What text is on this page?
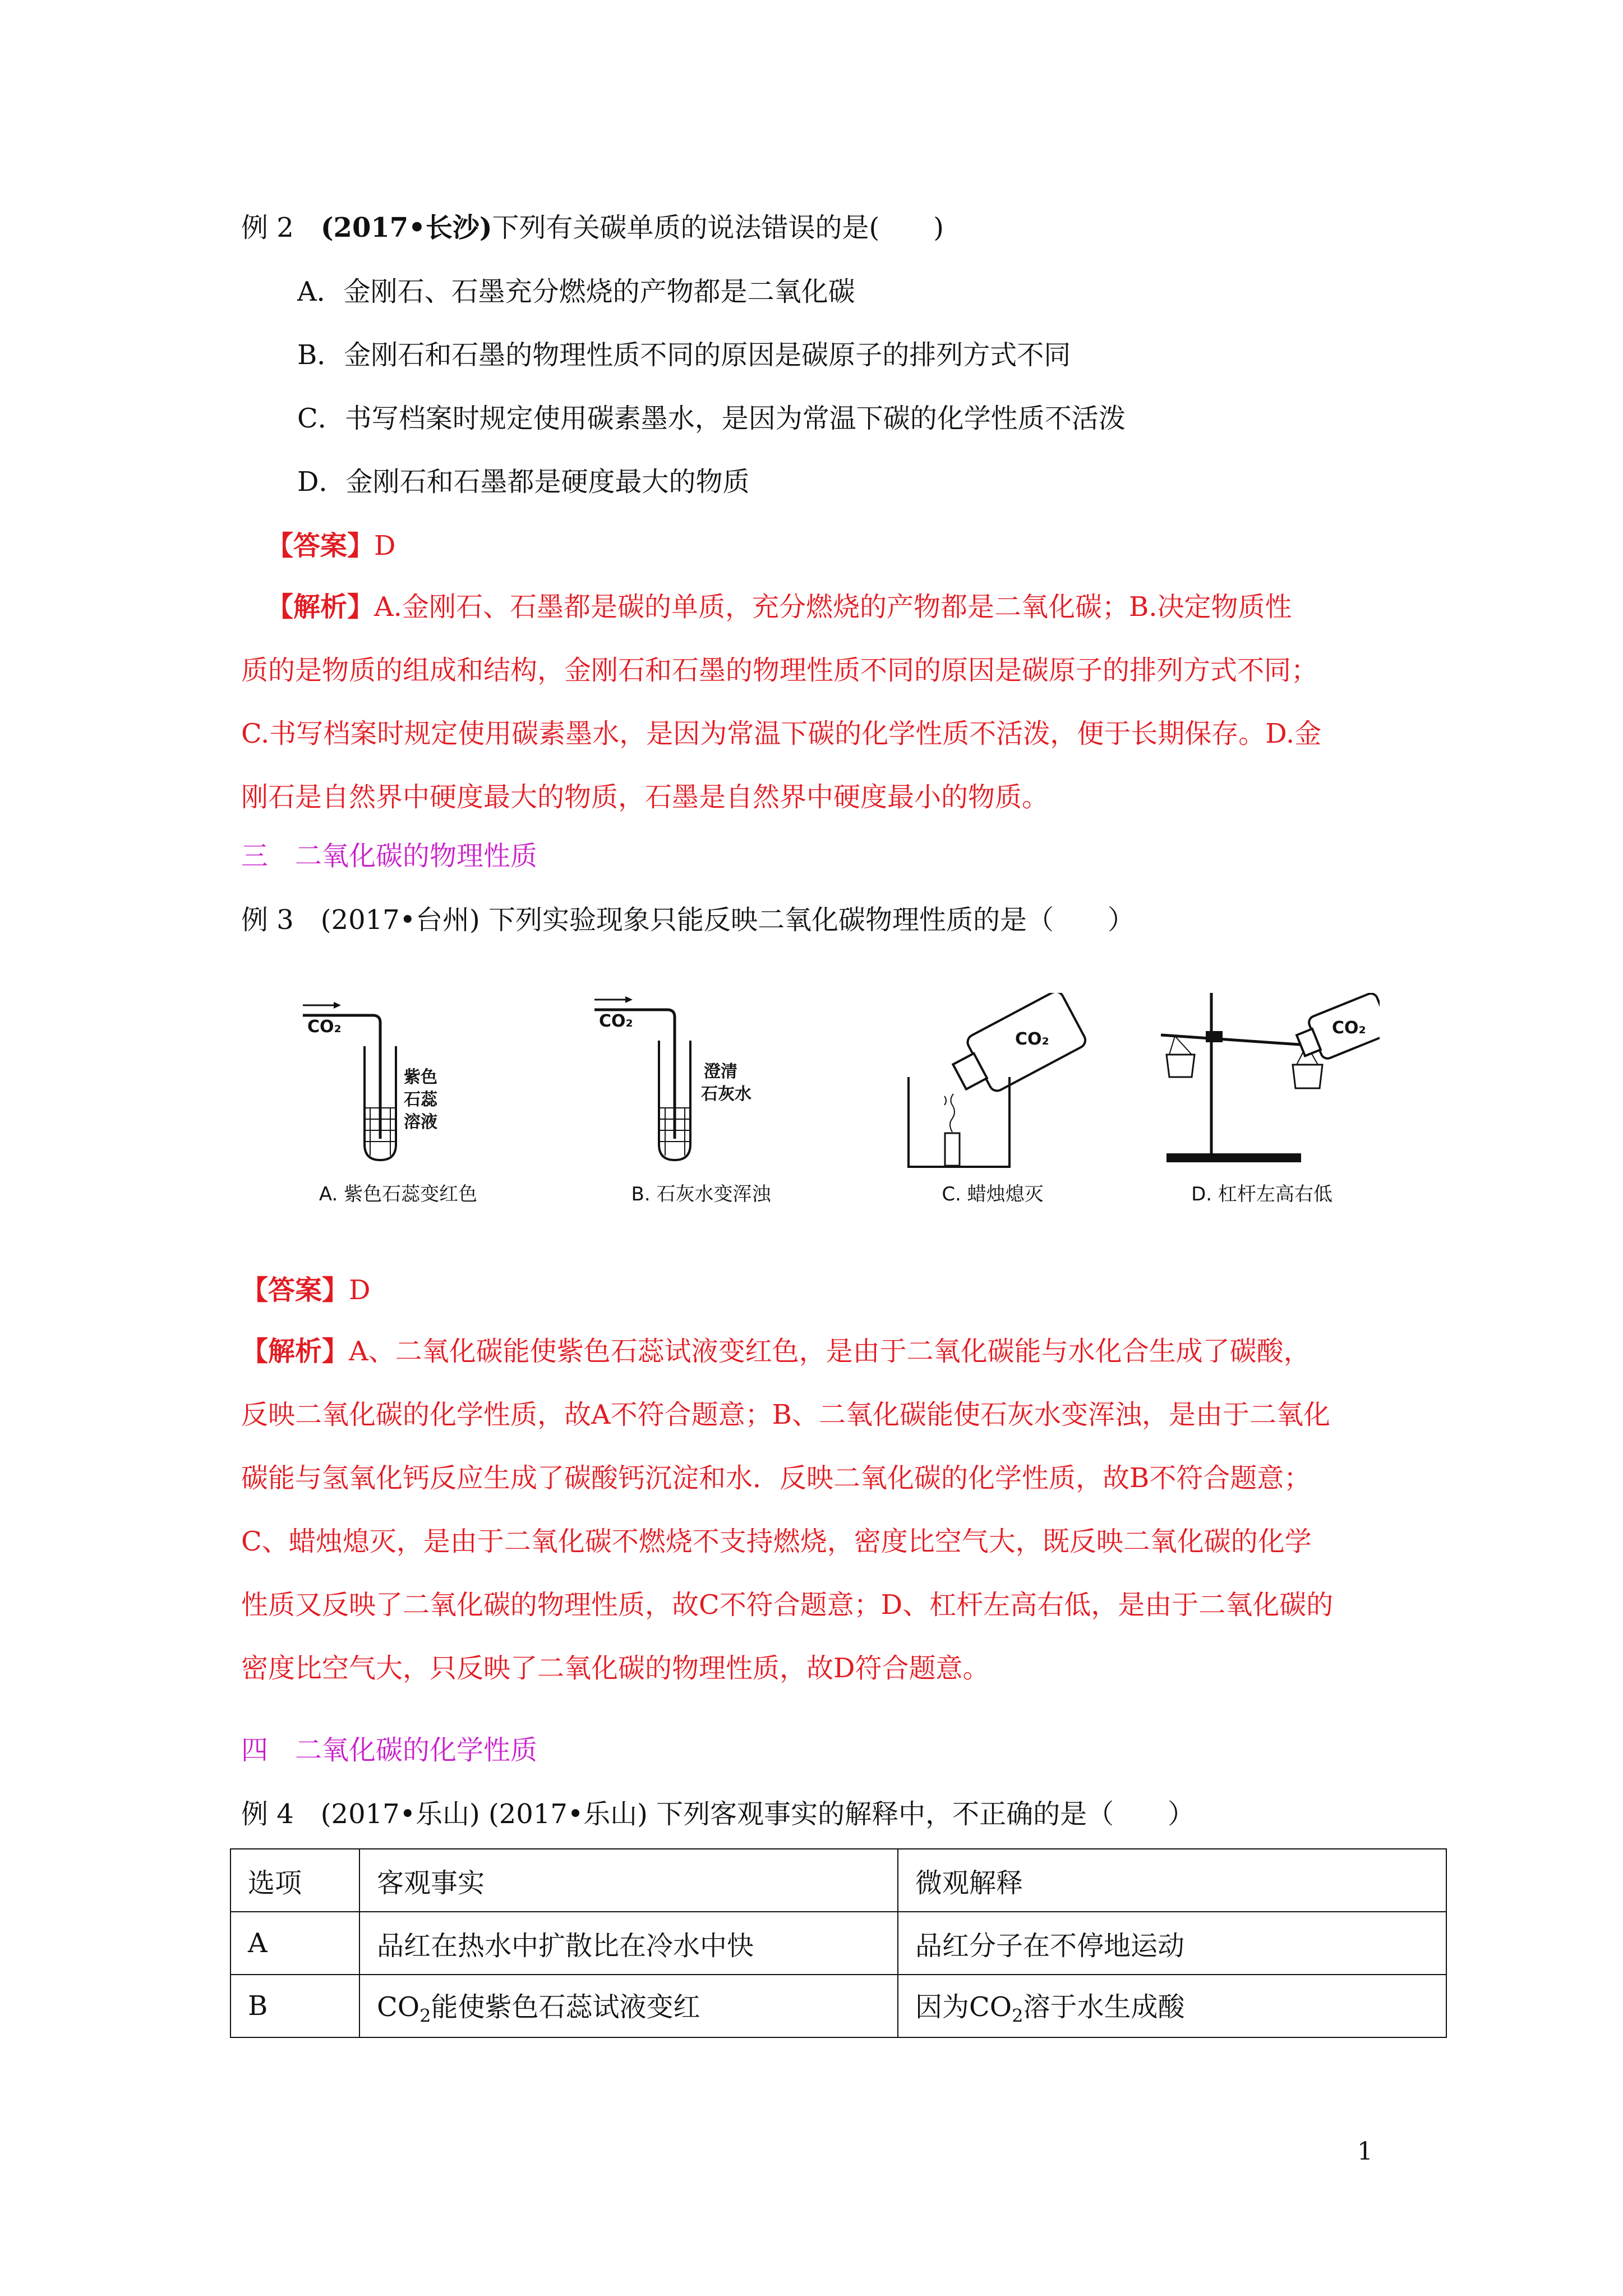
例 2　 (2017•长沙)下列有关碳单质的说法错误的是(　　)
A．金刚石、石墨充分燃烧的产物都是二氧化碳
B．金刚石和石墨的物理性质不同的原因是碳原子的排列方式不同
C．书写档案时规定使用碳素墨水，是因为常温下碳的化学性质不活泼
D．金刚石和石墨都是硬度最大的物质
【答案】D

【解析】A.金刚石、石墨都是碳的单质，充分燃烧的产物都是二氧化碳；B.决定物质性

质的是物质的组成和结构，金刚石和石墨的物理性质不同的原因是碳原子的排列方式不同；

C.书写档案时规定使用碳素墨水，是因为常温下碳的化学性质不活泼，便于长期保存。D.金

刚石是自然界中硬度最大的物质，石墨是自然界中硬度最小的物质。

三　二氧化碳的物理性质
例 3　(2017•台州) 下列实验现象只能反映二氧化碳物理性质的是（　　）
CO₂
紫色
石蕊
溶液
A. 紫色石蕊变红色
CO₂
澄清
石灰水
B. 石灰水变浑浊
CO₂
C. 蜡烛熄灭
CO₂
D. 杠杆左高右低
【答案】D

【解析】A、二氧化碳能使紫色石蕊试液变红色，是由于二氧化碳能与水化合生成了碳酸，

反映二氧化碳的化学性质，故A不符合题意；B、二氧化碳能使石灰水变浑浊，是由于二氧化

碳能与氢氧化钙反应生成了碳酸钙沉淀和水．反映二氧化碳的化学性质，故B不符合题意；

C、蜡烛熄灭，是由于二氧化碳不燃烧不支持燃烧，密度比空气大，既反映二氧化碳的化学

性质又反映了二氧化碳的物理性质，故C不符合题意；D、杠杆左高右低，是由于二氧化碳的

密度比空气大，只反映了二氧化碳的物理性质，故D符合题意。

四　二氧化碳的化学性质
例 4　(2017•乐山) (2017•乐山) 下列客观事实的解释中，不正确的是（　　）
选项	客观事实	微观解释
A	品红在热水中扩散比在冷水中快	品红分子在不停地运动
B	$CO_2$能使紫色石蕊试液变红	因为$CO_2$溶于水生成酸
1
